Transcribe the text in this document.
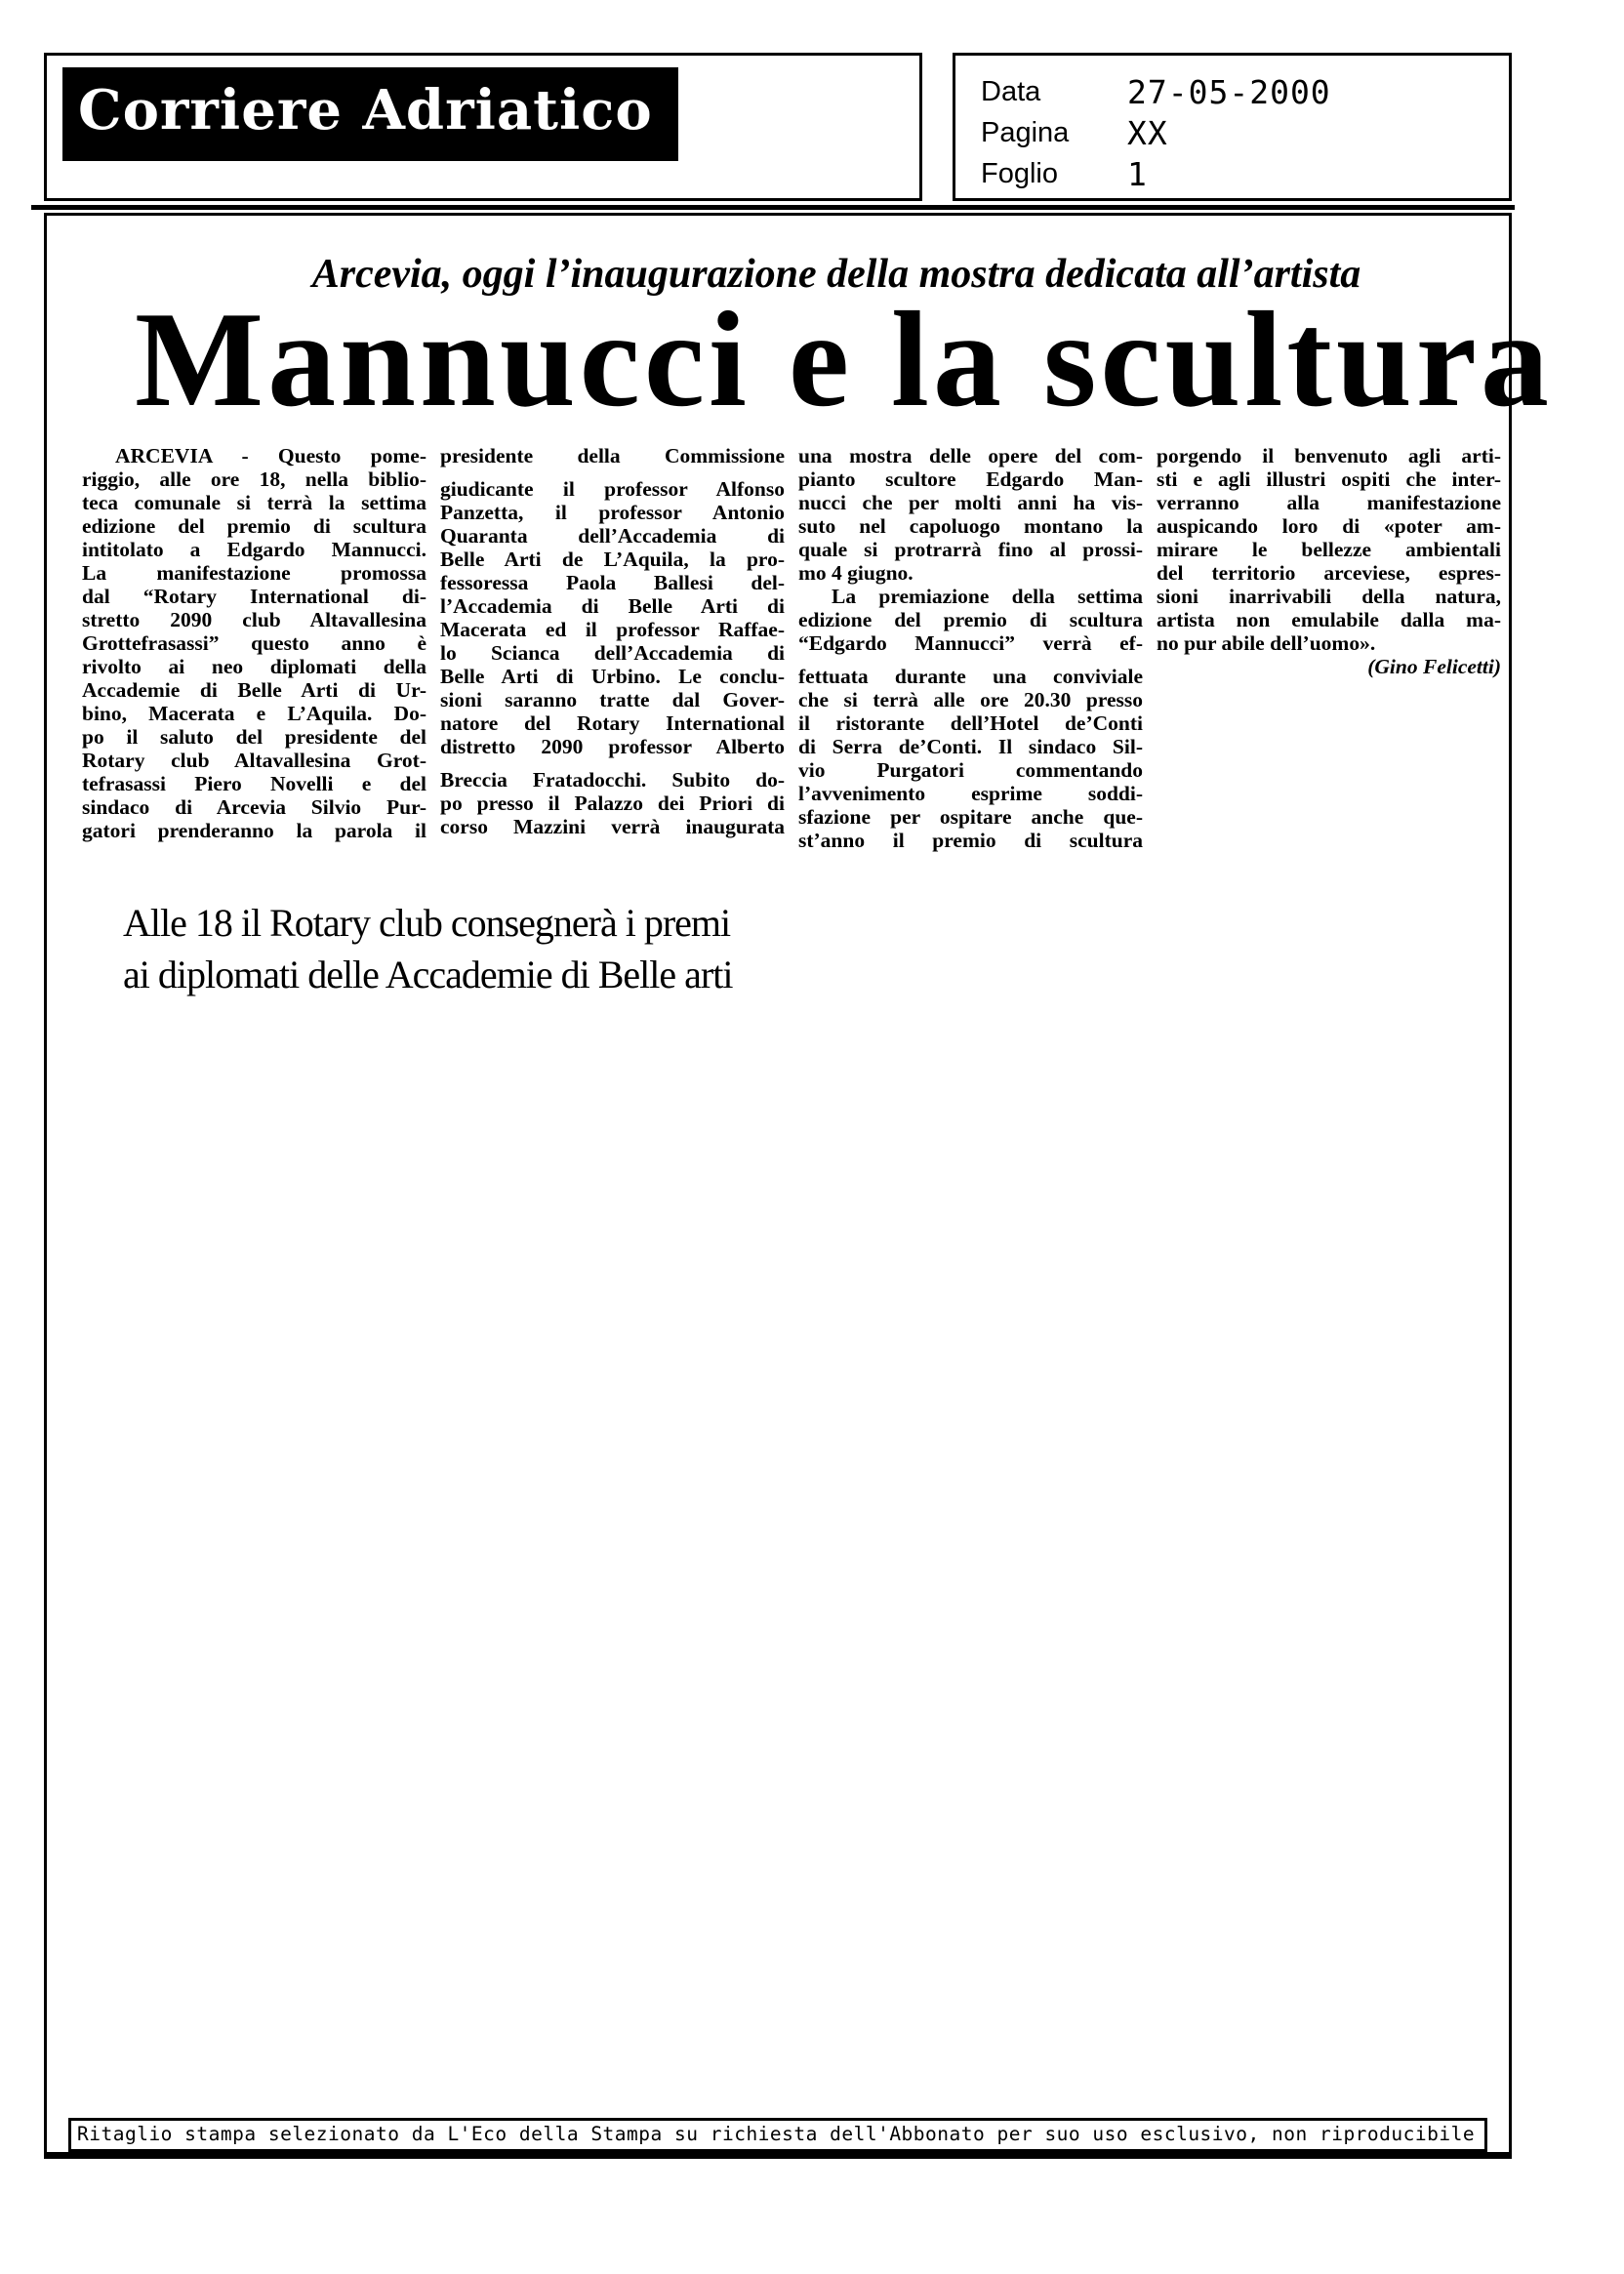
Corriere Adriatico	Data	27-05-2000
Pagina	XX
Foglio	1
Arcevia, oggi l’inaugurazione della mostra dedicata all’artista
Mannucci e la scultura
ARCEVIA - Questo pome-
riggio, alle ore 18, nella biblio-
teca comunale si terrà la settima
edizione del premio di scultura
intitolato a Edgardo Mannucci.
La manifestazione promossa
dal “Rotary International di-
stretto 2090 club Altavallesina
Grottefrasassi” questo anno è
rivolto ai neo diplomati della
Accademie di Belle Arti di Ur-
bino, Macerata e L’Aquila. Do-
po il saluto del presidente del
Rotary club Altavallesina Grot-
tefrasassi Piero Novelli e del
sindaco di Arcevia Silvio Pur-
gatori prenderanno la parola il
presidente della Commissione
giudicante il professor Alfonso
Panzetta, il professor Antonio
Quaranta dell’Accademia di
Belle Arti de L’Aquila, la pro-
fessoressa Paola Ballesi del-
l’Accademia di Belle Arti di
Macerata ed il professor Raffae-
lo Scianca dell’Accademia di
Belle Arti di Urbino. Le conclu-
sioni saranno tratte dal Gover-
natore del Rotary International
distretto 2090 professor Alberto
Breccia Fratadocchi. Subito do-
po presso il Palazzo dei Priori di
corso Mazzini verrà inaugurata
una mostra delle opere del com-
pianto scultore Edgardo Man-
nucci che per molti anni ha vis-
suto nel capoluogo montano la
quale si protrarrà fino al prossi-
mo 4 giugno.
La premiazione della settima
edizione del premio di scultura
“Edgardo Mannucci” verrà ef-
fettuata durante una conviviale
che si terrà alle ore 20.30 presso
il ristorante dell’Hotel de’Conti
di Serra de’Conti. Il sindaco Sil-
vio Purgatori commentando
l’avvenimento esprime soddi-
sfazione per ospitare anche que-
st’anno il premio di scultura
porgendo il benvenuto agli arti-
sti e agli illustri ospiti che inter-
verranno alla manifestazione
auspicando loro di «poter am-
mirare le bellezze ambientali
del territorio arceviese, espres-
sioni inarrivabili della natura,
artista non emulabile dalla ma-
no pur abile dell’uomo».
(Gino Felicetti)
Alle 18 il Rotary club consegnerà i premi
ai diplomati delle Accademie di Belle arti
Ritaglio stampa selezionato da L'Eco della Stampa su richiesta dell'Abbonato per suo uso esclusivo, non riproducibile
